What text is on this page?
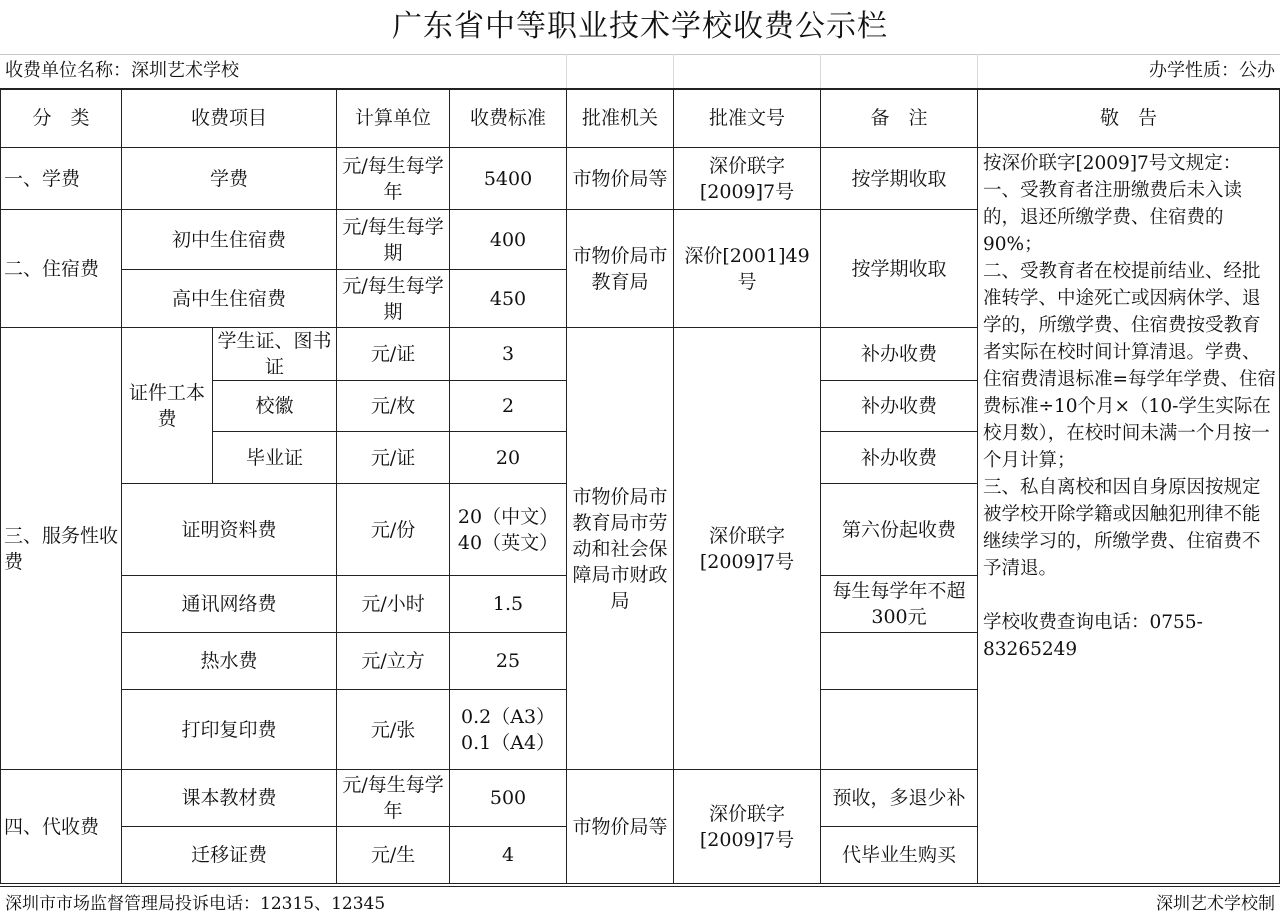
广东省中等职业技术学校收费公示栏
收费单位名称：深圳艺术学校	办学性质：公办
分　类	收费项目		计算单位	收费标准	批准机关	批准文号	备　注	敬　告
一、学费	学费		元/每生每学年	5400	市物价局等	深价联字[2009]7号	按学期收取	按深价联字[2009]7号文规定：

一、受教育者注册缴费后未入读的，退还所缴学费、住宿费的90%；

二、受教育者在校提前结业、经批准转学、中途死亡或因病休学、退学的，所缴学费、住宿费按受教育者实际在校时间计算清退。学费、住宿费清退标准=每学年学费、住宿费标准÷10个月×（10-学生实际在校月数），在校时间未满一个月按一个月计算；

三、私自离校和因自身原因按规定被学校开除学籍或因触犯刑律不能继续学习的，所缴学费、住宿费不予清退。

学校收费查询电话：0755-83265249

二、住宿费	初中生住宿费		元/每生每学期	400	市物价局市教育局	深价[2001]49号	按学期收取	
	高中生住宿费		元/每生每学期	450				
三、服务性收费	证件工本费	学生证、图书证	元/证	3	市物价局市教育局市劳动和社会保障局市财政局	深价联字[2009]7号	补办收费	
		校徽	元/枚	2			补办收费	
		毕业证	元/证	20			补办收费	
	证明资料费		元/份	20（中文）
40（英文）			第六份起收费	
	通讯网络费		元/小时	1.5			每生每学年不超300元	
	热水费		元/立方	25				
	打印复印费		元/张	0.2（A3）
0.1（A4）				

四、代收费	课本教材费		元/每生每学年	500	市物价局等	深价联字[2009]7号	预收，多退少补	
	迁移证费		元/生	4			代毕业生购买	
深圳市市场监督管理局投诉电话：12315、12345	深圳艺术学校制
